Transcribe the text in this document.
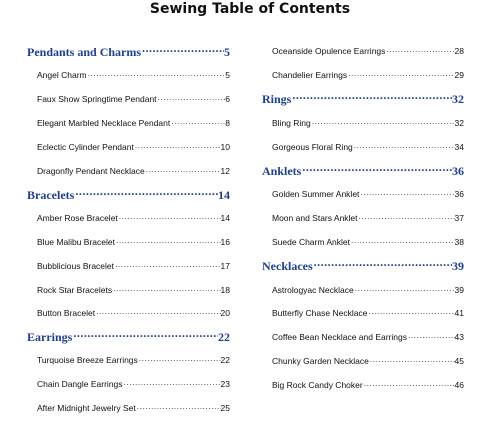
Sewing Table of Contents
Pendants and Charms .....	5
Angel Charm .....	5
Faux Show Springtime Pendant .....	6
Elegant Marbled Necklace Pendant .....	8
Eclectic Cylinder Pendant .....	10
Dragonfly Pendant Necklace .....	12
Bracelets .....	14
Amber Rose Bracelet .....	14
Blue Malibu Bracelet .....	16
Bubblicious Bracelet .....	17
Rock Star Bracelets .....	18
Button Bracelet .....	20
Earrings .....	22
Turquoise Breeze Earrings .....	22
Chain Dangle Earrings .....	23
After Midnight Jewelry Set .....	25
Oceanside Opulence Earrings .....	28
Chandelier Earrings .....	29
Rings .....	32
Bling Ring .....	32
Gorgeous Floral Ring .....	34
Anklets .....	36
Golden Summer Anklet .....	36
Moon and Stars Anklet .....	37
Suede Charm Anklet .....	38
Necklaces .....	39
Astrologyac Necklace .....	39
Butterfly Chase Necklace .....	41
Coffee Bean Necklace and Earrings .....	43
Chunky Garden Necklace .....	45
Big Rock Candy Choker .....	46
